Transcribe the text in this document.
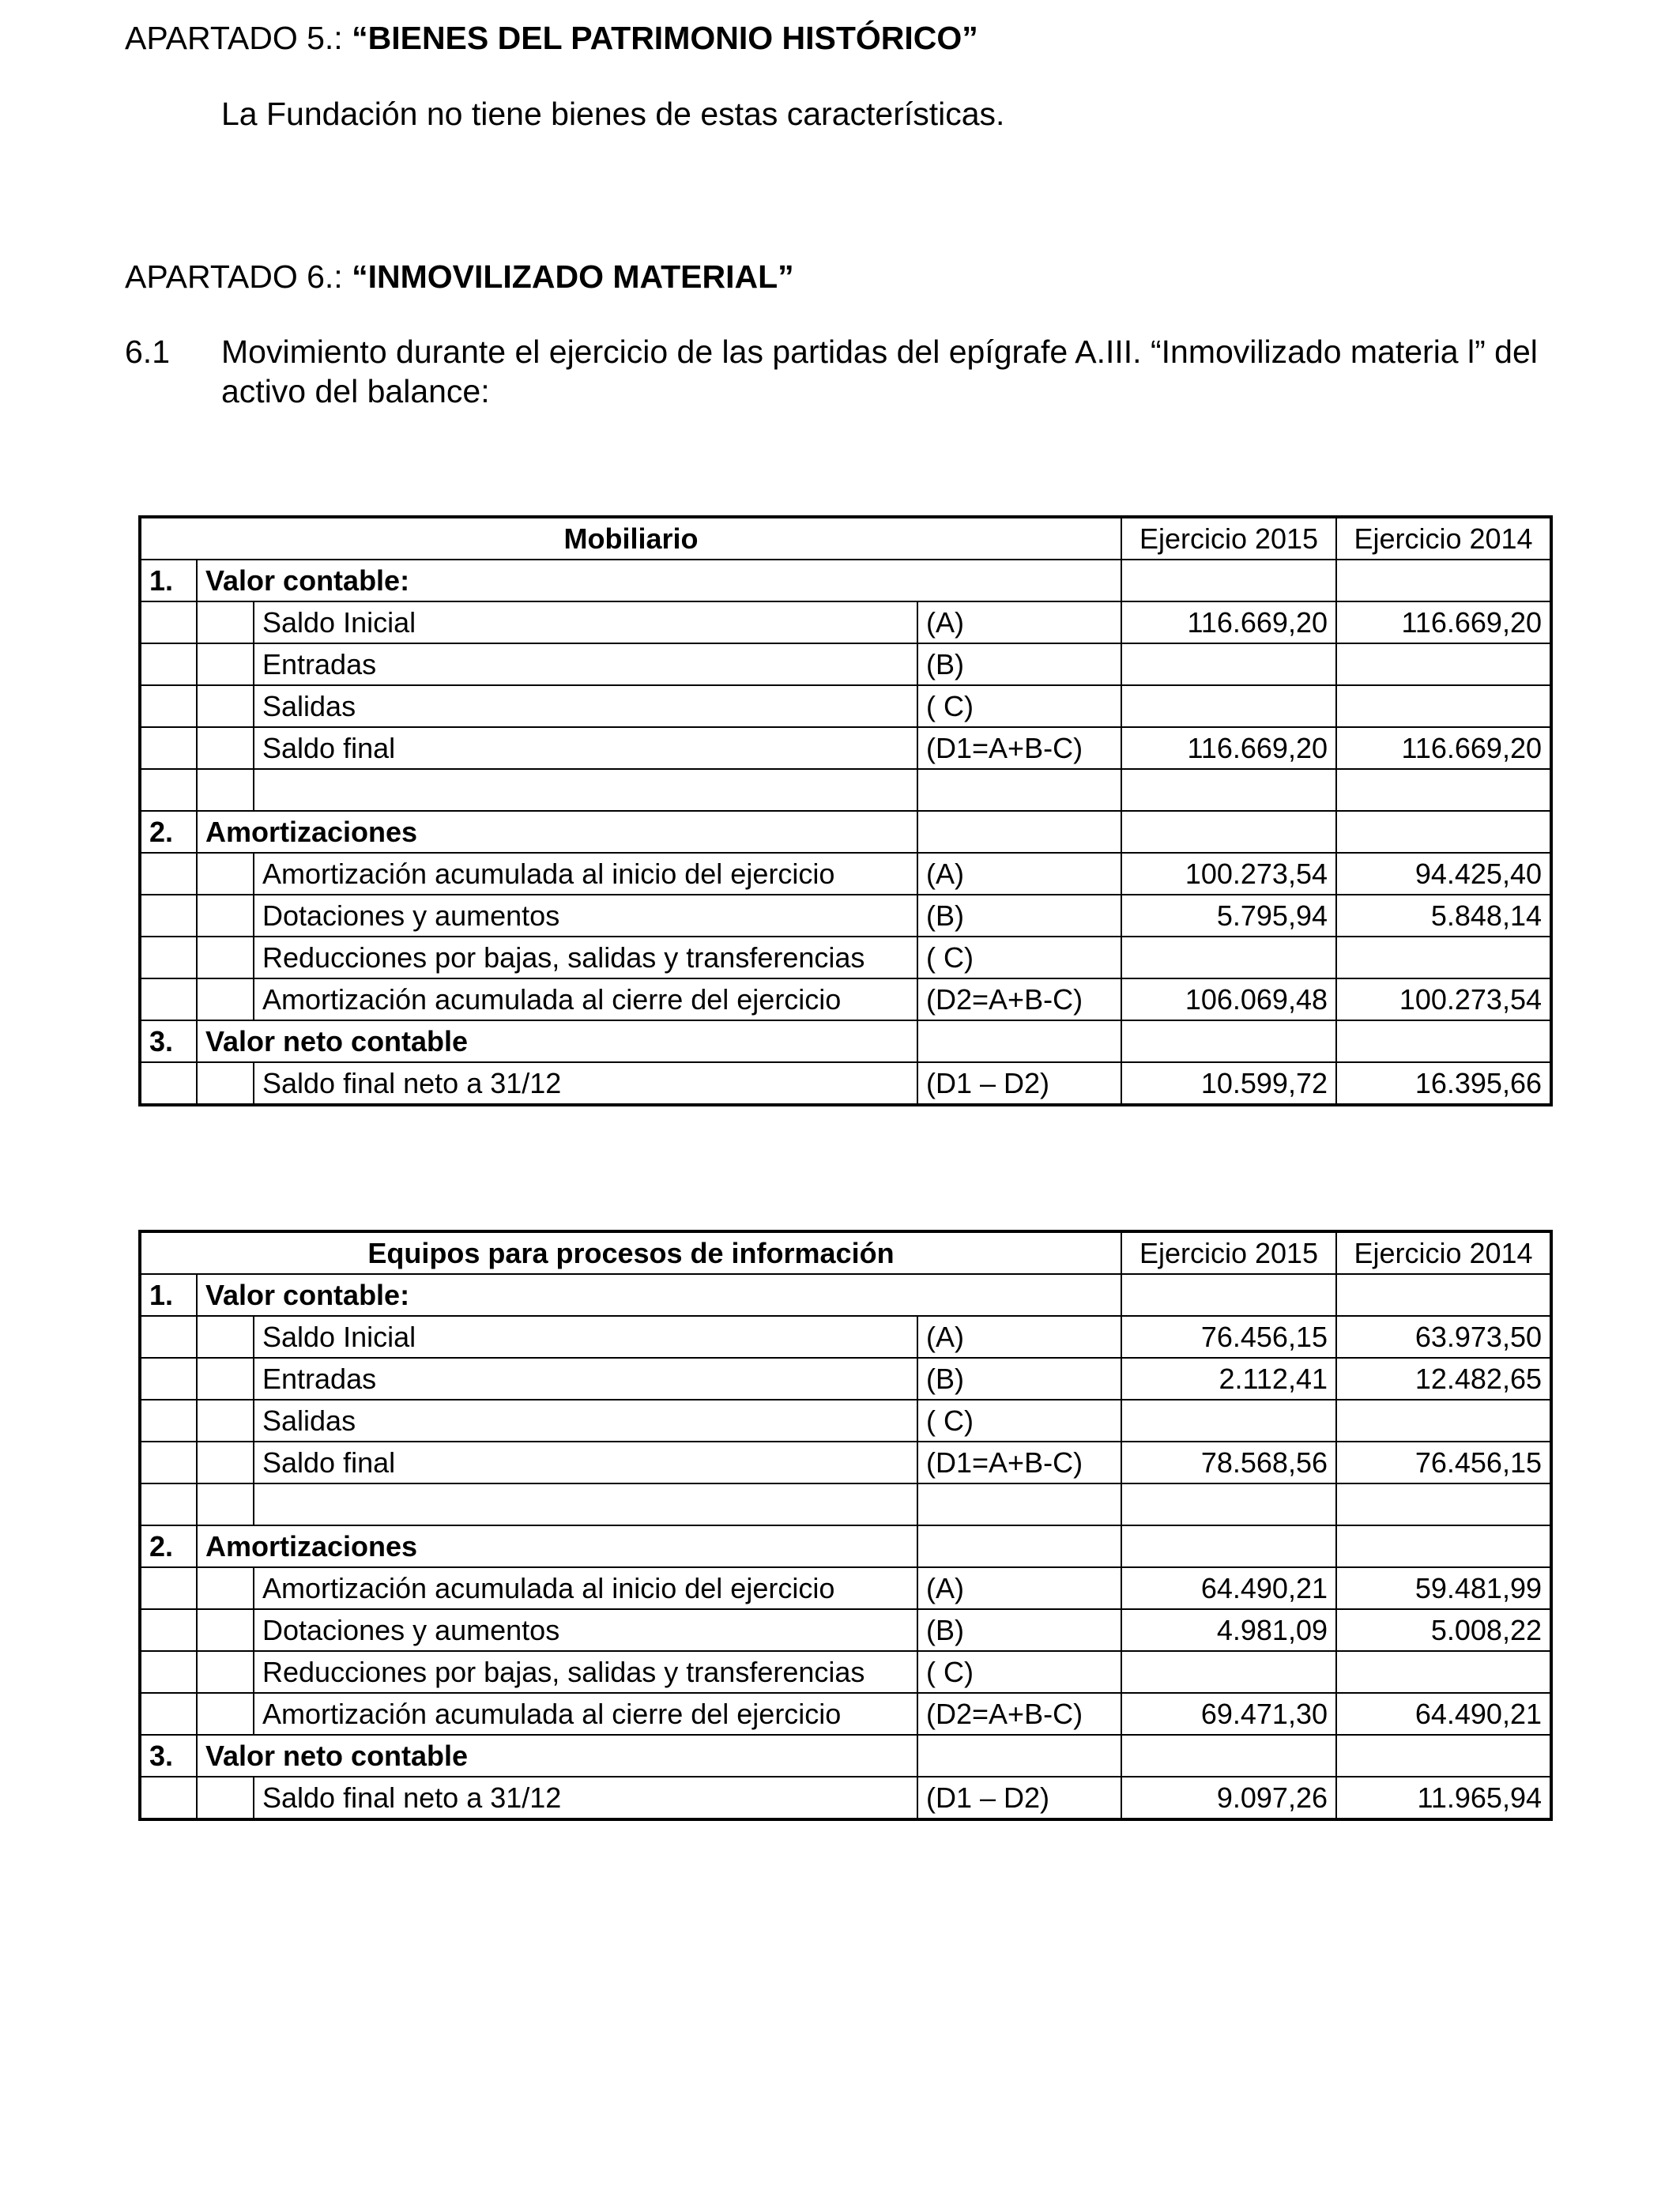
APARTADO 5.: “BIENES DEL PATRIMONIO HISTÓRICO”
La Fundación no tiene bienes de estas características.
APARTADO 6.: “INMOVILIZADO MATERIAL”
6.1 Movimiento durante el ejercicio de las partidas del epígrafe A.III. “Inmovilizado materia l” del activo del balance:
Mobiliario				Ejercicio 2015	Ejercicio 2014
1.	Valor contable:				
		Saldo Inicial	(A)	116.669,20	116.669,20
		Entradas	(B)		
		Salidas	( C)		
		Saldo final	(D1=A+B-C)	116.669,20	116.669,20

2.	Amortizaciones				
		Amortización acumulada al inicio del ejercicio	(A)	100.273,54	94.425,40
		Dotaciones y aumentos	(B)	5.795,94	5.848,14
		Reducciones por bajas, salidas y transferencias	( C)		
		Amortización acumulada al cierre del ejercicio	(D2=A+B-C)	106.069,48	100.273,54
3.	Valor neto contable				
		Saldo final neto a 31/12	(D1 – D2)	10.599,72	16.395,66
Equipos para procesos de información				Ejercicio 2015	Ejercicio 2014
1.	Valor contable:				
		Saldo Inicial	(A)	76.456,15	63.973,50
		Entradas	(B)	2.112,41	12.482,65
		Salidas	( C)		
		Saldo final	(D1=A+B-C)	78.568,56	76.456,15

2.	Amortizaciones				
		Amortización acumulada al inicio del ejercicio	(A)	64.490,21	59.481,99
		Dotaciones y aumentos	(B)	4.981,09	5.008,22
		Reducciones por bajas, salidas y transferencias	( C)		
		Amortización acumulada al cierre del ejercicio	(D2=A+B-C)	69.471,30	64.490,21
3.	Valor neto contable				
		Saldo final neto a 31/12	(D1 – D2)	9.097,26	11.965,94
